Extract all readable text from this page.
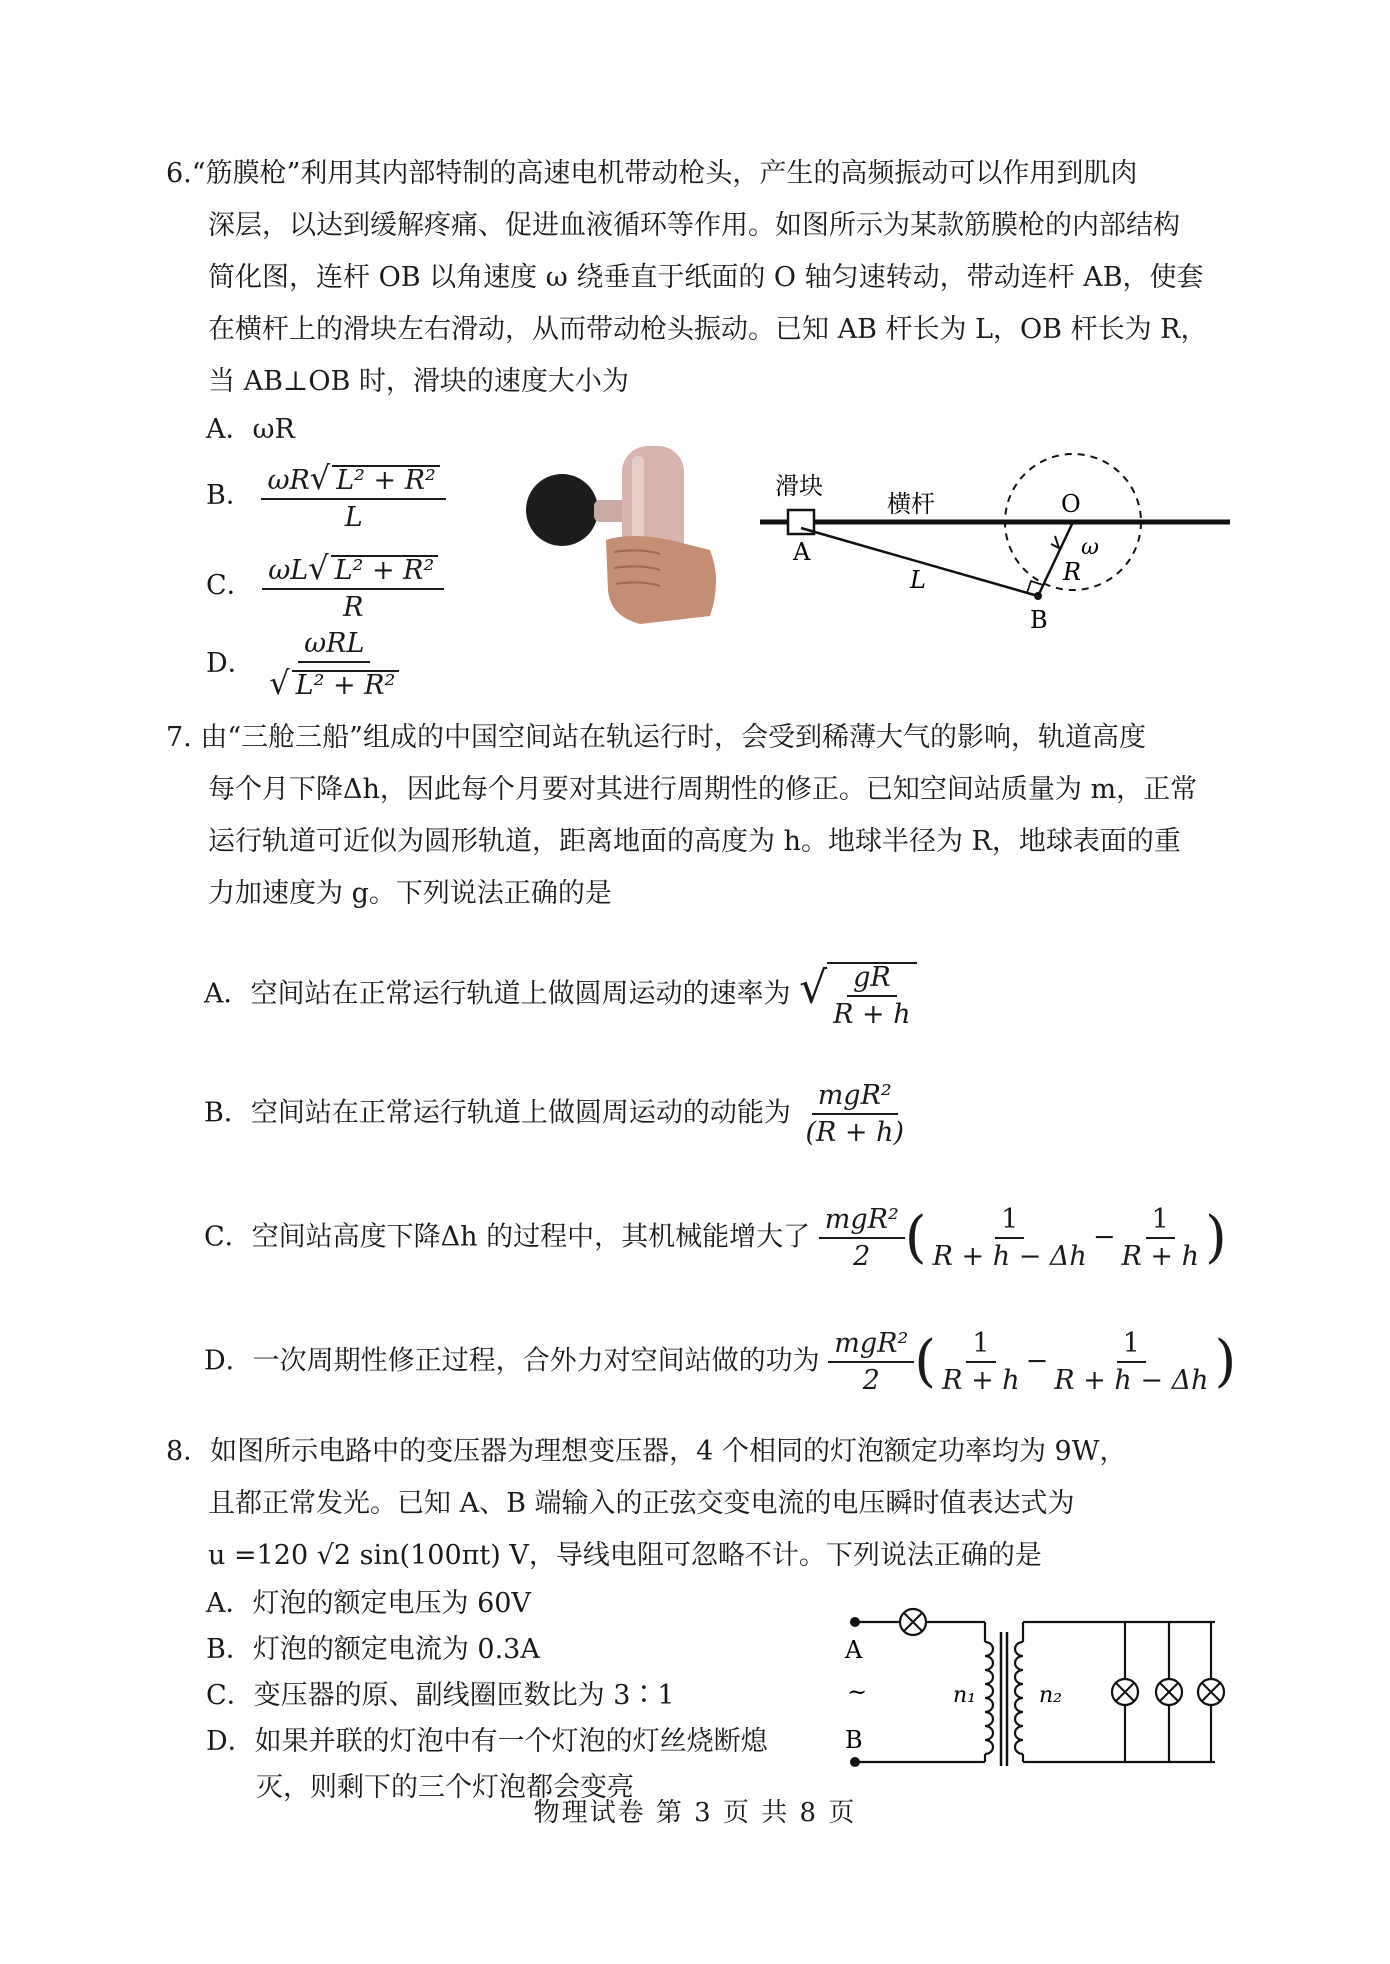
6.“筋膜枪”利用其内部特制的高速电机带动枪头，产生的高频振动可以作用到肌肉
深层，以达到缓解疼痛、促进血液循环等作用。如图所示为某款筋膜枪的内部结构
简化图，连杆 OB 以角速度 ω 绕垂直于纸面的 O 轴匀速转动，带动连杆 AB，使套
在横杆上的滑块左右滑动，从而带动枪头振动。已知 AB 杆长为 L，OB 杆长为 R，
当 AB⊥OB 时，滑块的速度大小为
A．ωR
B． $\frac{\text{ωR√ L² + R²}}{L}$
C． $\frac{\text{ωL√ L² + R²}}{R}$
D． $\frac{\text{ωRL}}{\text{√ L² + R²}}$
滑块
横杆	O
A
B
L	R
ω
7. 由“三舱三船”组成的中国空间站在轨运行时，会受到稀薄大气的影响，轨道高度
每个月下降Δh，因此每个月要对其进行周期性的修正。已知空间站质量为 m，正常
运行轨道可近似为圆形轨道，距离地面的高度为 h。地球半径为 R，地球表面的重
力加速度为 g。下列说法正确的是
A．空间站在正常运行轨道上做圆周运动的速率为 √ $\frac{gR}{R + h}$
B．空间站在正常运行轨道上做圆周运动的动能为 $\frac{\text{mgR²}}{(R + h)}$
C．空间站高度下降Δh 的过程中，其机械能增大了 $\frac{\text{mgR²}}{2}$ ( $\frac{1}{R + h - \Delta h} - \frac{1}{R + h}$ )
D．一次周期性修正过程，合外力对空间站做的功为 $\frac{\text{mgR²}}{2}$ ( $\frac{1}{R + h} - \frac{1}{R + h - \Delta h}$ )
8．如图所示电路中的变压器为理想变压器，4 个相同的灯泡额定功率均为 9W，
且都正常发光。已知 A、B 端输入的正弦交变电流的电压瞬时值表达式为
u =120 √2 sin(100πt) V，导线电阻可忽略不计。下列说法正确的是
A．灯泡的额定电压为 60V
B．灯泡的额定电流为 0.3A
C．变压器的原、副线圈匝数比为 3∶1
D．如果并联的灯泡中有一个灯泡的灯丝烧断熄
灭，则剩下的三个灯泡都会变亮
A
~
B
n₁	n₂
物理试卷 第 3 页 共 8 页
